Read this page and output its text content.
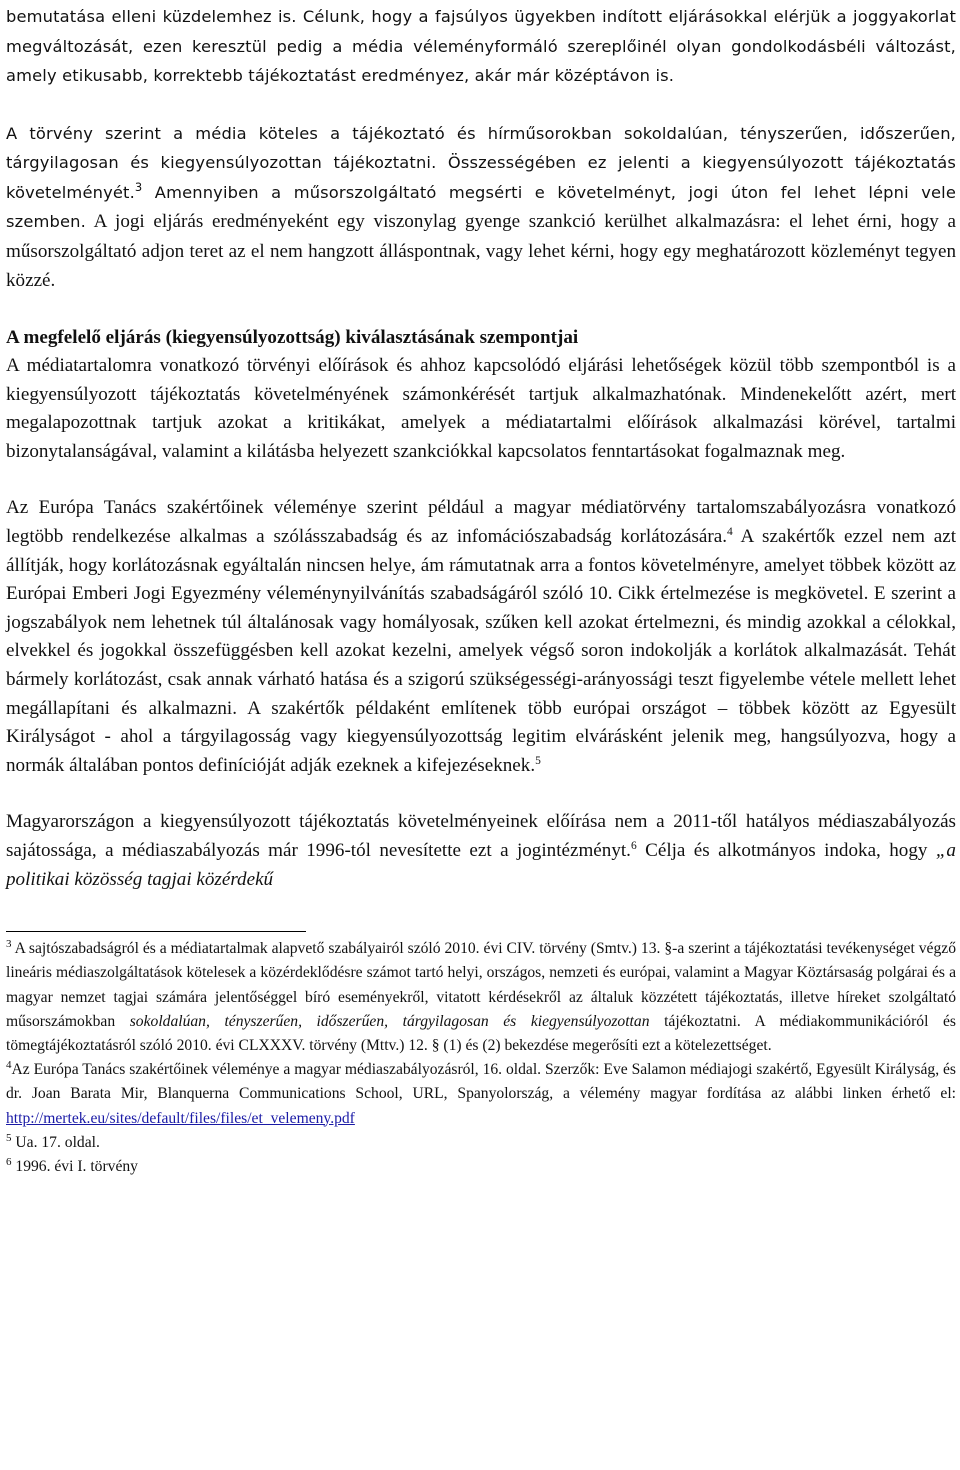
bemutatása elleni küzdelemhez is. Célunk, hogy a fajsúlyos ügyekben indított eljárásokkal elérjük a joggyakorlat megváltozását, ezen keresztül pedig a média véleményformáló szereplőinél olyan gondolkodásbéli változást, amely etikusabb, korrektebb tájékoztatást eredményez, akár már középtávon is.

A törvény szerint a média köteles a tájékoztató és hírműsorokban sokoldalúan, tényszerűen, időszerűen, tárgyilagosan és kiegyensúlyozottan tájékoztatni. Összességében ez jelenti a kiegyensúlyozott tájékoztatás követelményét.$^3$ Amennyiben a műsorszolgáltató megsérti e követelményt, jogi úton fel lehet lépni vele szemben. A jogi eljárás eredményeként egy viszonylag gyenge szankció kerülhet alkalmazásra: el lehet érni, hogy a műsorszolgáltató adjon teret az el nem hangzott álláspontnak, vagy lehet kérni, hogy egy meghatározott közleményt tegyen közzé.

A megfelelő eljárás (kiegyensúlyozottság) kiválasztásának szempontjai

A médiatartalomra vonatkozó törvényi előírások és ahhoz kapcsolódó eljárási lehetőségek közül több szempontból is a kiegyensúlyozott tájékoztatás követelményének számonkérését tartjuk alkalmazhatónak. Mindenekelőtt azért, mert megalapozottnak tartjuk azokat a kritikákat, amelyek a médiatartalmi előírások alkalmazási körével, tartalmi bizonytalanságával, valamint a kilátásba helyezett szankciókkal kapcsolatos fenntartásokat fogalmaznak meg.

Az Európa Tanács szakértőinek véleménye szerint például a magyar médiatörvény tartalomszabályozásra vonatkozó legtöbb rendelkezése alkalmas a szólásszabadság és az infomációszabadság korlátozására.$^4$ A szakértők ezzel nem azt állítják, hogy korlátozásnak egyáltalán nincsen helye, ám rámutatnak arra a fontos követelményre, amelyet többek között az Európai Emberi Jogi Egyezmény véleménynyilvánítás szabadságáról szóló 10. Cikk értelmezése is megkövetel. E szerint a jogszabályok nem lehetnek túl általánosak vagy homályosak, szűken kell azokat értelmezni, és mindig azokkal a célokkal, elvekkel és jogokkal összefüggésben kell azokat kezelni, amelyek végső soron indokolják a korlátok alkalmazását. Tehát bármely korlátozást, csak annak várható hatása és a szigorú szükségességi-arányossági teszt figyelembe vétele mellett lehet megállapítani és alkalmazni. A szakértők példaként említenek több európai országot – többek között az Egyesült Királyságot - ahol a tárgyilagosság vagy kiegyensúlyozottság legitim elvárásként jelenik meg, hangsúlyozva, hogy a normák általában pontos definícióját adják ezeknek a kifejezéseknek.$^5$

Magyarországon a kiegyensúlyozott tájékoztatás követelményeinek előírása nem a 2011-től hatályos médiaszabályozás sajátossága, a médiaszabályozás már 1996-tól nevesítette ezt a jogintézményt.$^6$ Célja és alkotmányos indoka, hogy „a politikai közösség tagjai közérdekű

$^3$ A sajtószabadságról és a médiatartalmak alapvető szabályairól szóló 2010. évi CIV. törvény (Smtv.) 13. §-a szerint a tájékoztatási tevékenységet végző lineáris médiaszolgáltatások kötelesek a közérdeklődésre számot tartó helyi, országos, nemzeti és európai, valamint a Magyar Köztársaság polgárai és a magyar nemzet tagjai számára jelentőséggel bíró eseményekről, vitatott kérdésekről az általuk közzétett tájékoztatás, illetve híreket szolgáltató műsorszámokban sokoldalúan, tényszerűen, időszerűen, tárgyilagosan és kiegyensúlyozottan tájékoztatni. A médiakommunikációról és tömegtájékoztatásról szóló 2010. évi CLXXXV. törvény (Mttv.) 12. § (1) és (2) bekezdése megerősíti ezt a kötelezettséget.

$^4$Az Európa Tanács szakértőinek véleménye a magyar médiaszabályozásról, 16. oldal. Szerzők: Eve Salamon médiajogi szakértő, Egyesült Királyság, és dr. Joan Barata Mir, Blanquerna Communications School, URL, Spanyolország, a vélemény magyar fordítása az alábbi linken érhető el: http://mertek.eu/sites/default/files/files/et_velemeny.pdf

$^5$ Ua. 17. oldal.

$^6$ 1996. évi I. törvény
